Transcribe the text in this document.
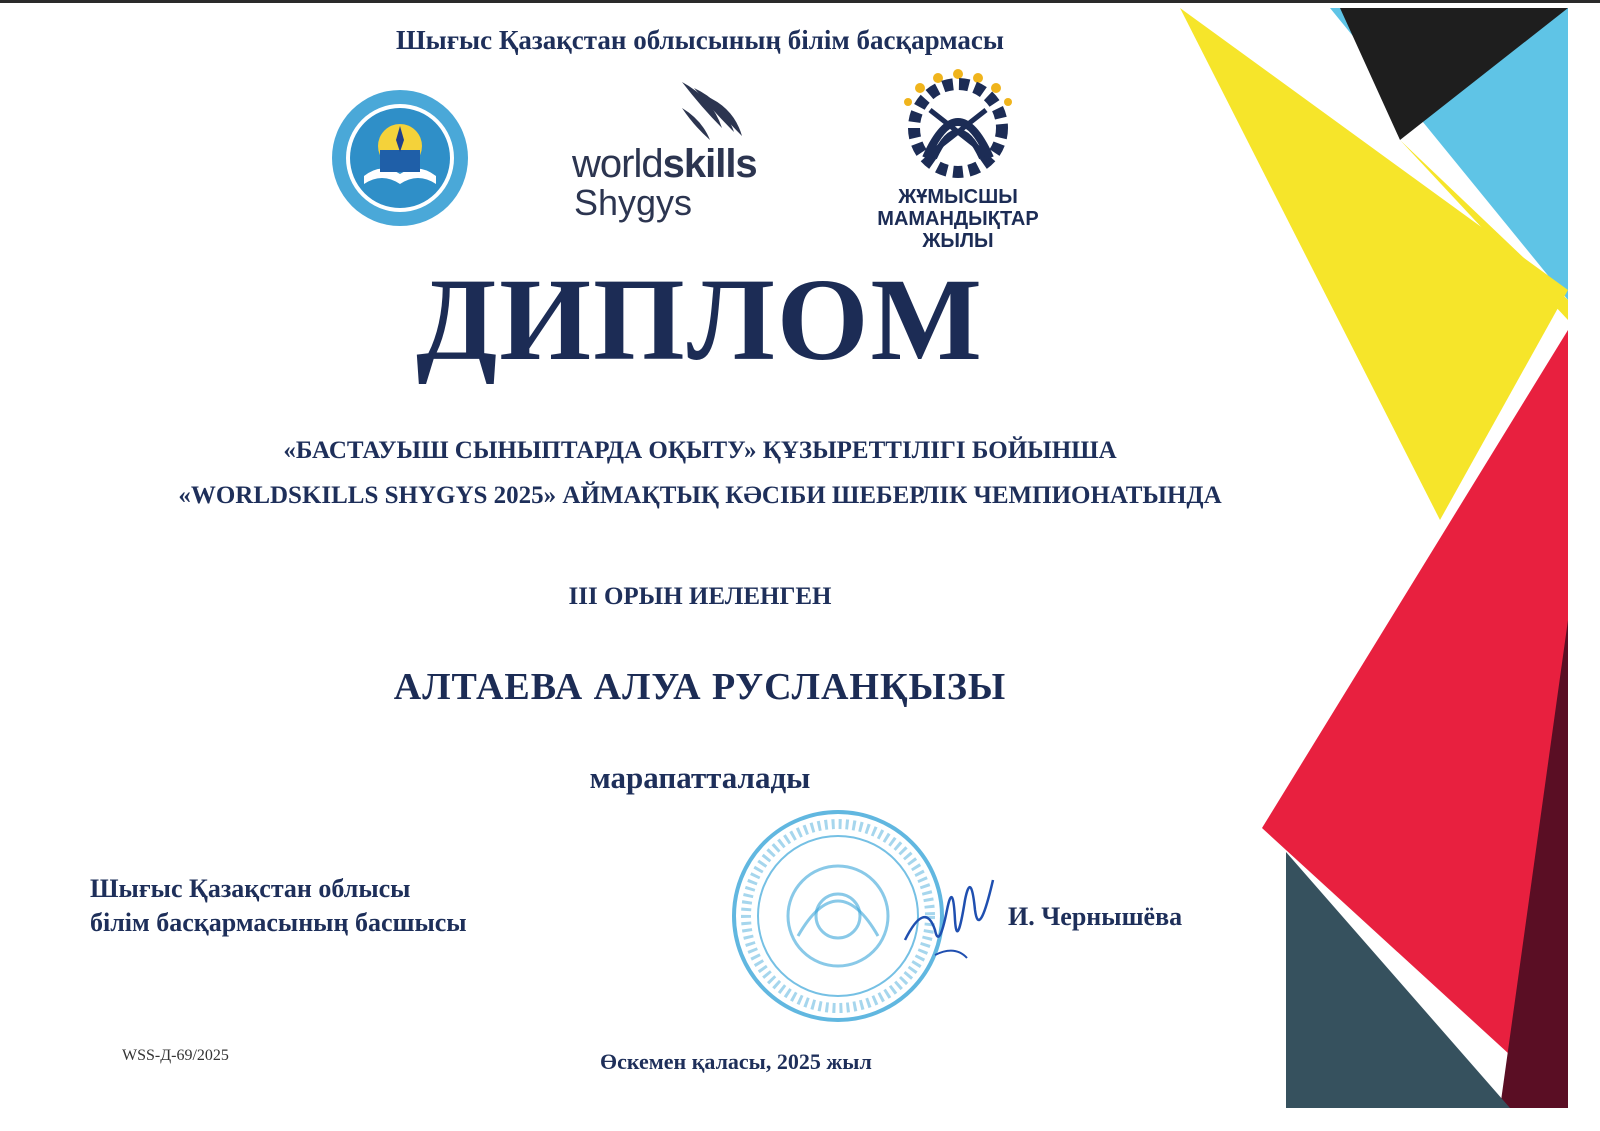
Шығыс Қазақстан облысының білім басқармасы
worldskills
Shygys	ЖҰМЫСШЫ
МАМАНДЫҚТАР
ЖЫЛЫ
ДИПЛОМ
«БАСТАУЫШ СЫНЫПТАРДА ОҚЫТУ» ҚҰЗЫРЕТТІЛІГІ БОЙЫНША
«WORLDSKILLS SHYGYS 2025» АЙМАҚТЫҚ КӘСІБИ ШЕБЕРЛІК ЧЕМПИОНАТЫНДА
III ОРЫН ИЕЛЕНГЕН
АЛТАЕВА АЛУА РУСЛАНҚЫЗЫ
марапатталады
Шығыс Қазақстан облысы
білім басқармасының басшысы	И. Чернышёва
WSS-Д-69/2025	Өскемен қаласы, 2025 жыл
